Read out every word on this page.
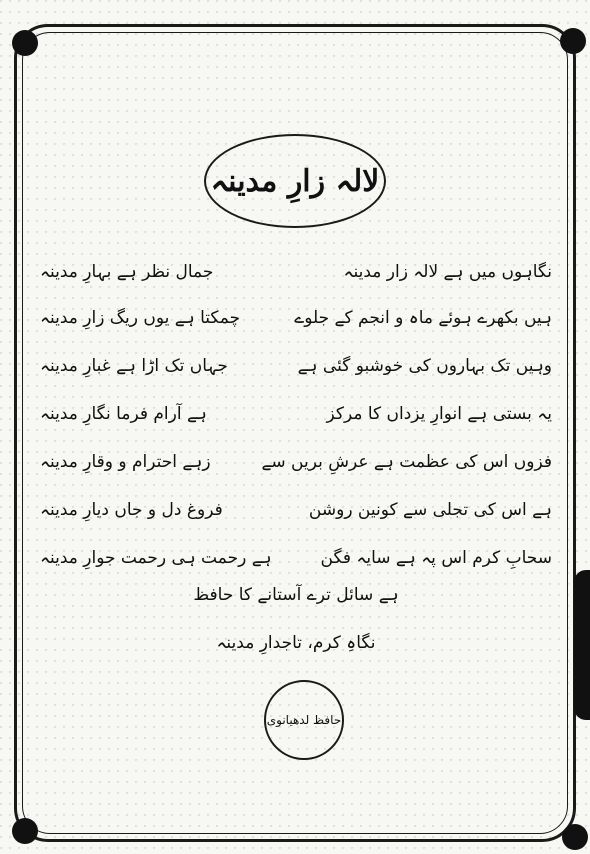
لالہ زارِ مدینہ
نگاہوں میں ہے لالہ زار مدینہ
جمال نظر ہے بہارِ مدینہ
ہیں بکھرے ہوئے ماہ و انجم کے جلوے
چمکتا ہے یوں ریگ زارِ مدینہ
وہیں تک بہاروں کی خوشبو گئی ہے
جہاں تک اڑا ہے غبارِ مدینہ
یہ بستی ہے انوارِ یزداں کا مرکز
ہے آرام فرما نگارِ مدینہ
فزوں اس کی عظمت ہے عرشِ بریں سے
زہے احترام و وقارِ مدینہ
ہے اس کی تجلی سے کونین روشن
فروغ دل و جاں دیارِ مدینہ
سحابِ کرم اس پہ ہے سایہ فگن
ہے رحمت ہی رحمت جوارِ مدینہ
ہے سائل ترے آستانے کا حافظ
نگاہِ کرم، تاجدارِ مدینہ
حافظ لدھیانوی
